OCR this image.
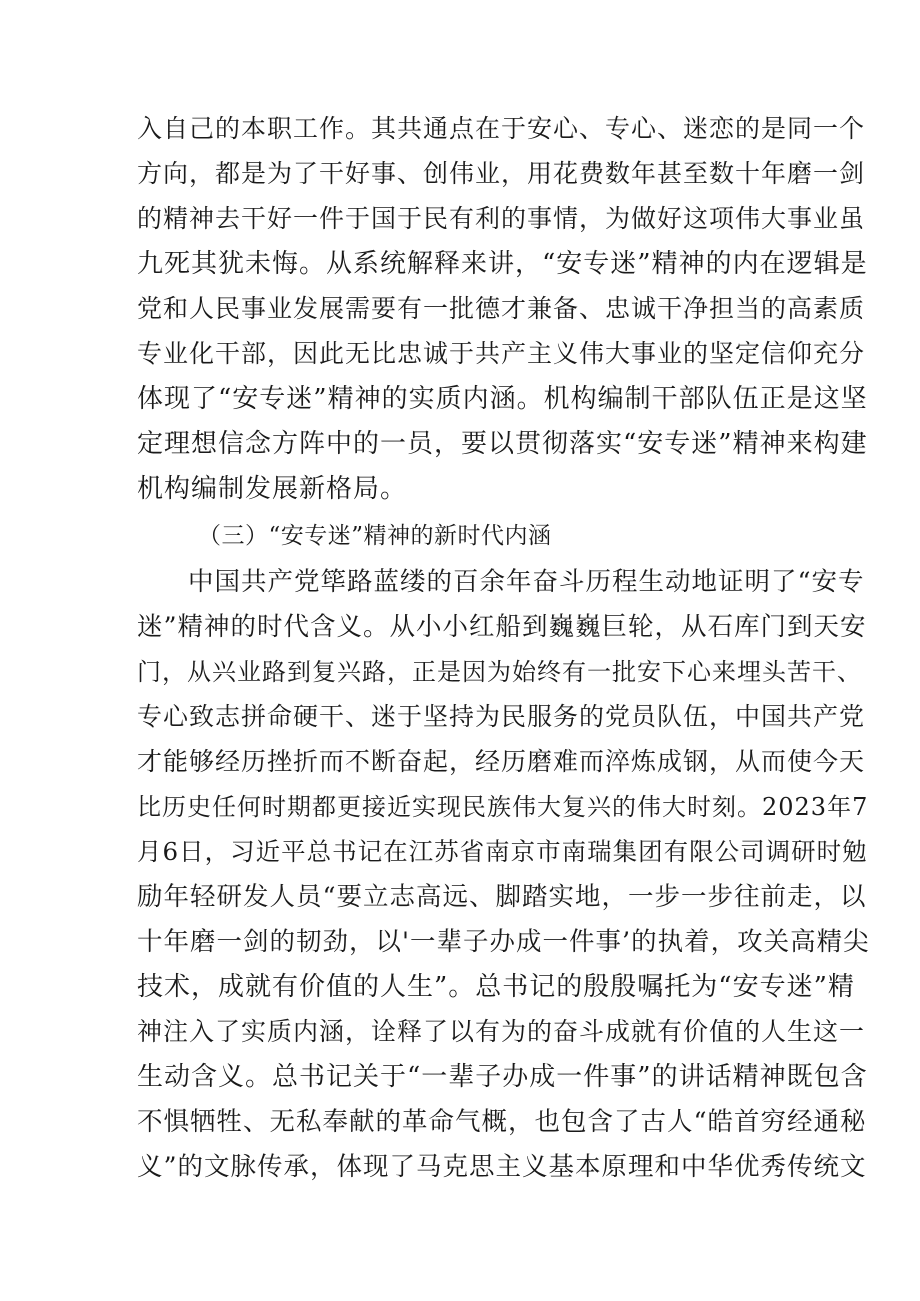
入自己的本职工作。其共通点在于安心、专心、迷恋的是同一个
方向，都是为了干好事、创伟业，用花费数年甚至数十年磨一剑
的精神去干好一件于国于民有利的事情，为做好这项伟大事业虽
九死其犹未悔。从系统解释来讲，“安专迷”精神的内在逻辑是
党和人民事业发展需要有一批德才兼备、忠诚干净担当的高素质
专业化干部，因此无比忠诚于共产主义伟大事业的坚定信仰充分
体现了“安专迷”精神的实质内涵。机构编制干部队伍正是这坚
定理想信念方阵中的一员，要以贯彻落实“安专迷”精神来构建
机构编制发展新格局。
（三）“安专迷”精神的新时代内涵
中国共产党筚路蓝缕的百余年奋斗历程生动地证明了“安专
迷”精神的时代含义。从小小红船到巍巍巨轮，从石库门到天安
门，从兴业路到复兴路，正是因为始终有一批安下心来埋头苦干、
专心致志拼命硬干、迷于坚持为民服务的党员队伍，中国共产党
才能够经历挫折而不断奋起，经历磨难而淬炼成钢，从而使今天
比历史任何时期都更接近实现民族伟大复兴的伟大时刻。2023年7
月6日，习近平总书记在江苏省南京市南瑞集团有限公司调研时勉
励年轻研发人员“要立志高远、脚踏实地，一步一步往前走，以
十年磨一剑的韧劲，以'一辈子办成一件事’的执着，攻关高精尖
技术，成就有价值的人生”。总书记的殷殷嘱托为“安专迷”精
神注入了实质内涵，诠释了以有为的奋斗成就有价值的人生这一
生动含义。总书记关于“一辈子办成一件事”的讲话精神既包含
不惧牺牲、无私奉献的革命气概，也包含了古人“皓首穷经通秘
义”的文脉传承，体现了马克思主义基本原理和中华优秀传统文
